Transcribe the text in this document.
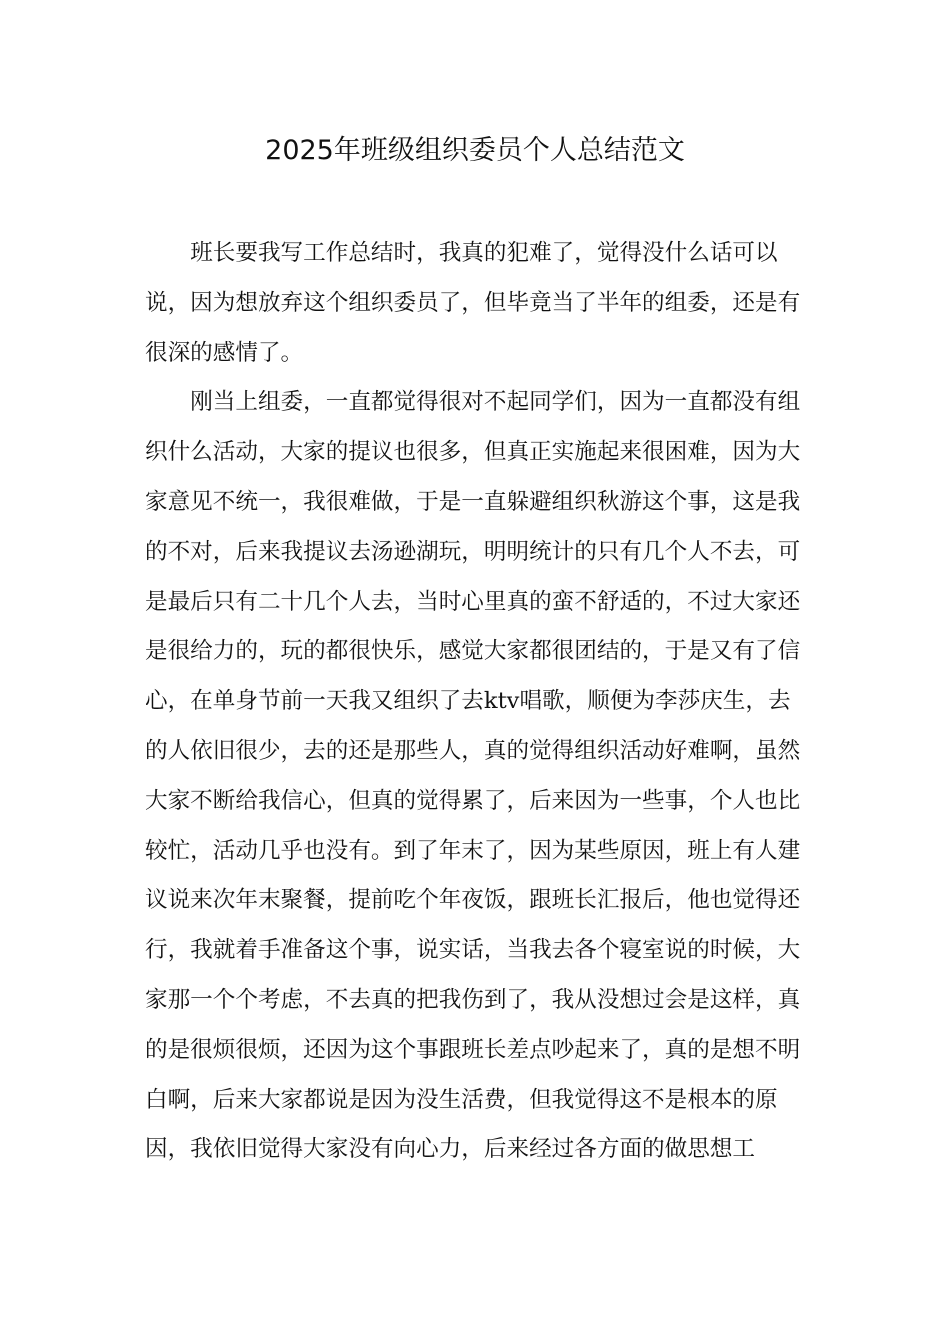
2025年班级组织委员个人总结范文

班长要我写工作总结时，我真的犯难了，觉得没什么话可以说，因为想放弃这个组织委员了，但毕竟当了半年的组委，还是有很深的感情了。

刚当上组委，一直都觉得很对不起同学们，因为一直都没有组织什么活动，大家的提议也很多，但真正实施起来很困难，因为大家意见不统一，我很难做，于是一直躲避组织秋游这个事，这是我的不对，后来我提议去汤逊湖玩，明明统计的只有几个人不去，可是最后只有二十几个人去，当时心里真的蛮不舒适的，不过大家还是很给力的，玩的都很快乐，感觉大家都很团结的，于是又有了信心，在单身节前一天我又组织了去ktv唱歌，顺便为李莎庆生，去的人依旧很少，去的还是那些人，真的觉得组织活动好难啊，虽然大家不断给我信心，但真的觉得累了，后来因为一些事，个人也比较忙，活动几乎也没有。到了年末了，因为某些原因，班上有人建议说来次年末聚餐，提前吃个年夜饭，跟班长汇报后，他也觉得还行，我就着手准备这个事，说实话，当我去各个寝室说的时候，大家那一个个考虑，不去真的把我伤到了，我从没想过会是这样，真的是很烦很烦，还因为这个事跟班长差点吵起来了，真的是想不明白啊，后来大家都说是因为没生活费，但我觉得这不是根本的原因，我依旧觉得大家没有向心力，后来经过各方面的做思想工
